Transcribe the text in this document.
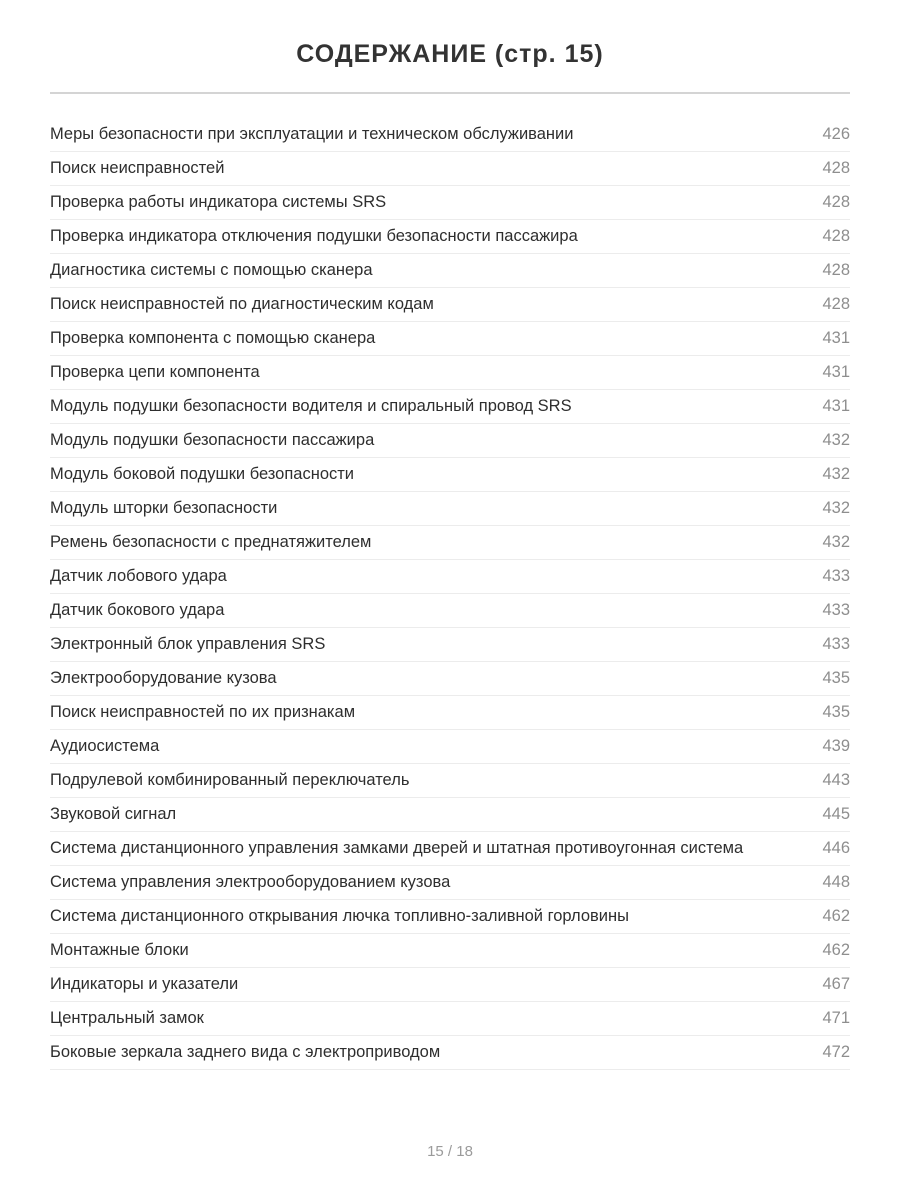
СОДЕРЖАНИЕ (стр. 15)
Меры безопасности при эксплуатации и техническом обслуживании	426
Поиск неисправностей	428
Проверка работы индикатора системы SRS	428
Проверка индикатора отключения подушки безопасности пассажира	428
Диагностика системы с помощью сканера	428
Поиск неисправностей по диагностическим кодам	428
Проверка компонента с помощью сканера	431
Проверка цепи компонента	431
Модуль подушки безопасности водителя и спиральный провод SRS	431
Модуль подушки безопасности пассажира	432
Модуль боковой подушки безопасности	432
Модуль шторки безопасности	432
Ремень безопасности с преднатяжителем	432
Датчик лобового удара	433
Датчик бокового удара	433
Электронный блок управления SRS	433
Электрооборудование кузова	435
Поиск неисправностей по их признакам	435
Аудиосистема	439
Подрулевой комбинированный переключатель	443
Звуковой сигнал	445
Система дистанционного управления замками дверей и штатная противоугонная система	446
Система управления электрооборудованием кузова	448
Система дистанционного открывания лючка топливно-заливной горловины	462
Монтажные блоки	462
Индикаторы и указатели	467
Центральный замок	471
Боковые зеркала заднего вида с электроприводом	472
15 / 18
